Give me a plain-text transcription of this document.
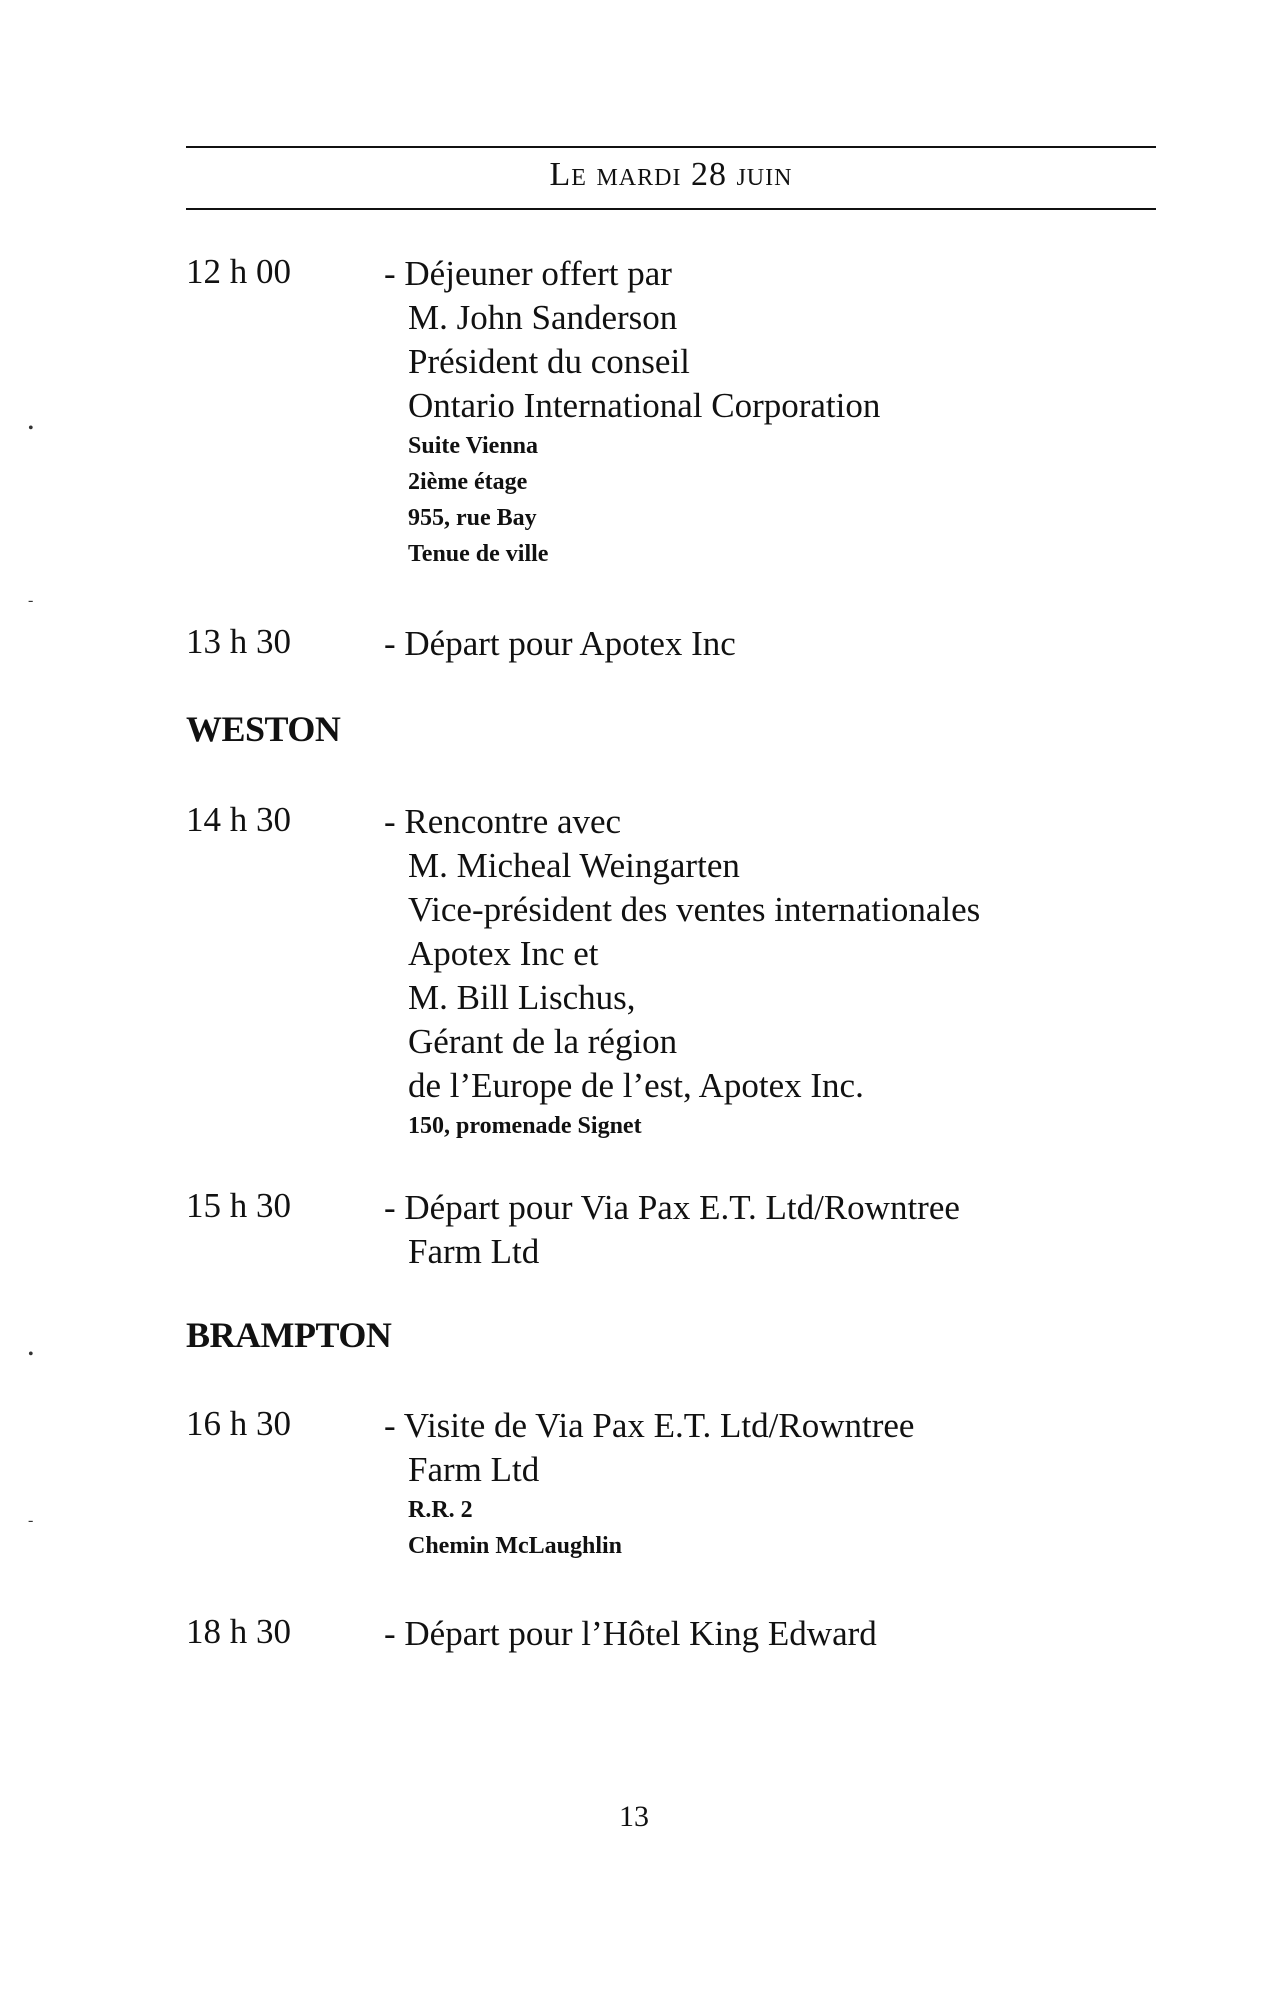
Le mardi 28 juin
12 h 00	- Déjeuner offert par
M. John Sanderson
Président du conseil
Ontario International Corporation
Suite Vienna
2ième étage
955, rue Bay
Tenue de ville
13 h 30	- Départ pour Apotex Inc
WESTON
14 h 30	- Rencontre avec
M. Micheal Weingarten
Vice-président des ventes internationales
Apotex Inc et
M. Bill Lischus,
Gérant de la région
de l’Europe de l’est, Apotex Inc.
150, promenade Signet
15 h 30	- Départ pour Via Pax E.T. Ltd/Rowntree
Farm Ltd
BRAMPTON
16 h 30	- Visite de Via Pax E.T. Ltd/Rowntree
Farm Ltd
R.R. 2
Chemin McLaughlin
18 h 30	- Départ pour l’Hôtel King Edward
13
•
-
•
-
